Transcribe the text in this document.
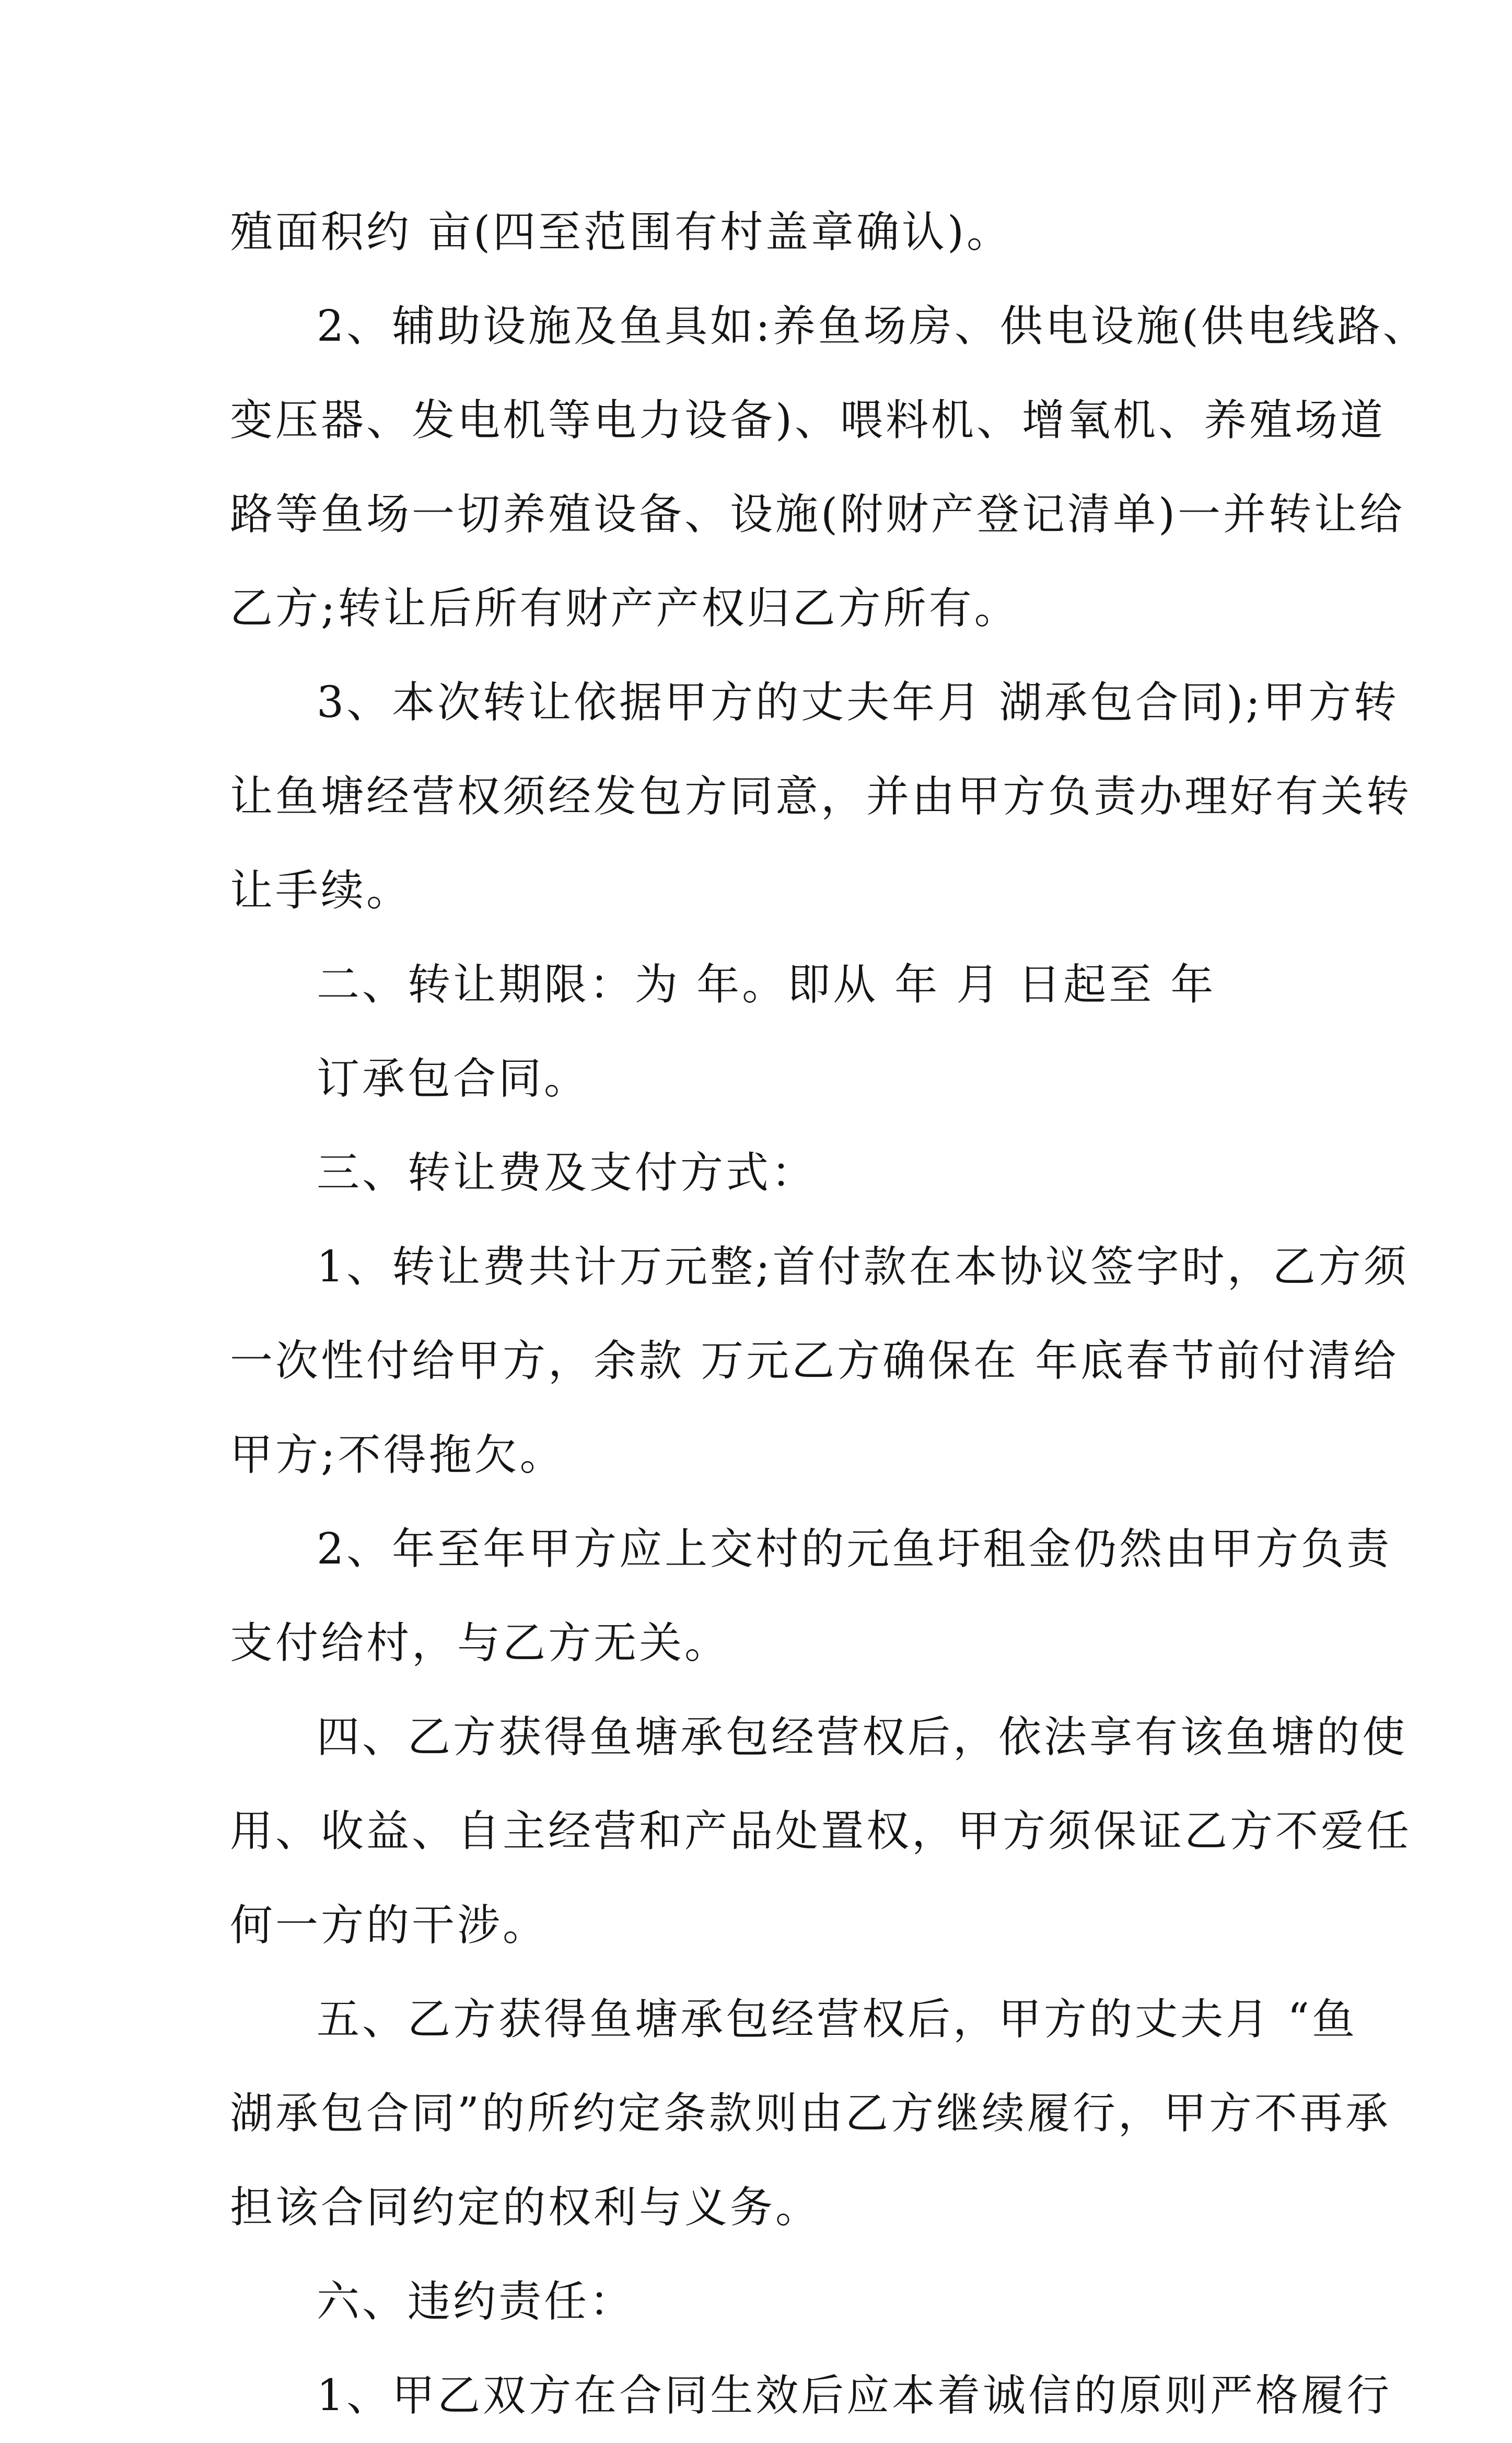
殖面积约 亩(四至范围有村盖章确认)。
2、辅助设施及鱼具如:养鱼场房、供电设施(供电线路、
变压器、发电机等电力设备)、喂料机、增氧机、养殖场道
路等鱼场一切养殖设备、设施(附财产登记清单)一并转让给
乙方;转让后所有财产产权归乙方所有。
3、本次转让依据甲方的丈夫年月 湖承包合同);甲方转
让鱼塘经营权须经发包方同意，并由甲方负责办理好有关转
让手续。
二、转让期限：为 年。即从 年 月 日起至 年
订承包合同。
三、转让费及支付方式：
1、转让费共计万元整;首付款在本协议签字时，乙方须
一次性付给甲方，余款 万元乙方确保在 年底春节前付清给
甲方;不得拖欠。
2、年至年甲方应上交村的元鱼圩租金仍然由甲方负责
支付给村，与乙方无关。
四、乙方获得鱼塘承包经营权后，依法享有该鱼塘的使
用、收益、自主经营和产品处置权，甲方须保证乙方不爱任
何一方的干涉。
五、乙方获得鱼塘承包经营权后，甲方的丈夫月 “鱼
湖承包合同”的所约定条款则由乙方继续履行，甲方不再承
担该合同约定的权利与义务。
六、违约责任：
1、甲乙双方在合同生效后应本着诚信的原则严格履行
